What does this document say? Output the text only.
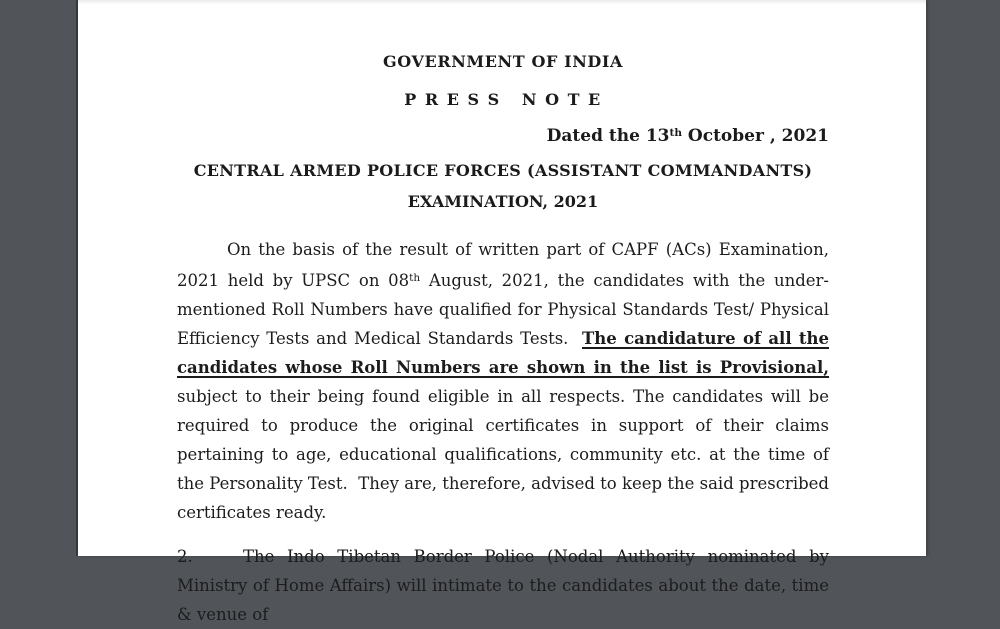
GOVERNMENT OF INDIA
P R E S S   N O T E
Dated the 13th October , 2021
CENTRAL ARMED POLICE FORCES (ASSISTANT COMMANDANTS)
EXAMINATION, 2021

On the basis of the result of written part of CAPF (ACs) Examination, 2021 held by UPSC on 08th August, 2021, the candidates with the under-mentioned Roll Numbers have qualified for Physical Standards Test/ Physical Efficiency Tests and Medical Standards Tests.  The candidature of all the candidates whose Roll Numbers are shown in the list is Provisional, subject to their being found eligible in all respects. The candidates will be required to produce the original certificates in support of their claims pertaining to age, educational qualifications, community etc. at the time of the Personality Test.  They are, therefore, advised to keep the said prescribed certificates ready.

2.	The Indo Tibetan Border Police (Nodal Authority nominated by Ministry of Home Affairs) will intimate to the candidates about the date, time & venue of
